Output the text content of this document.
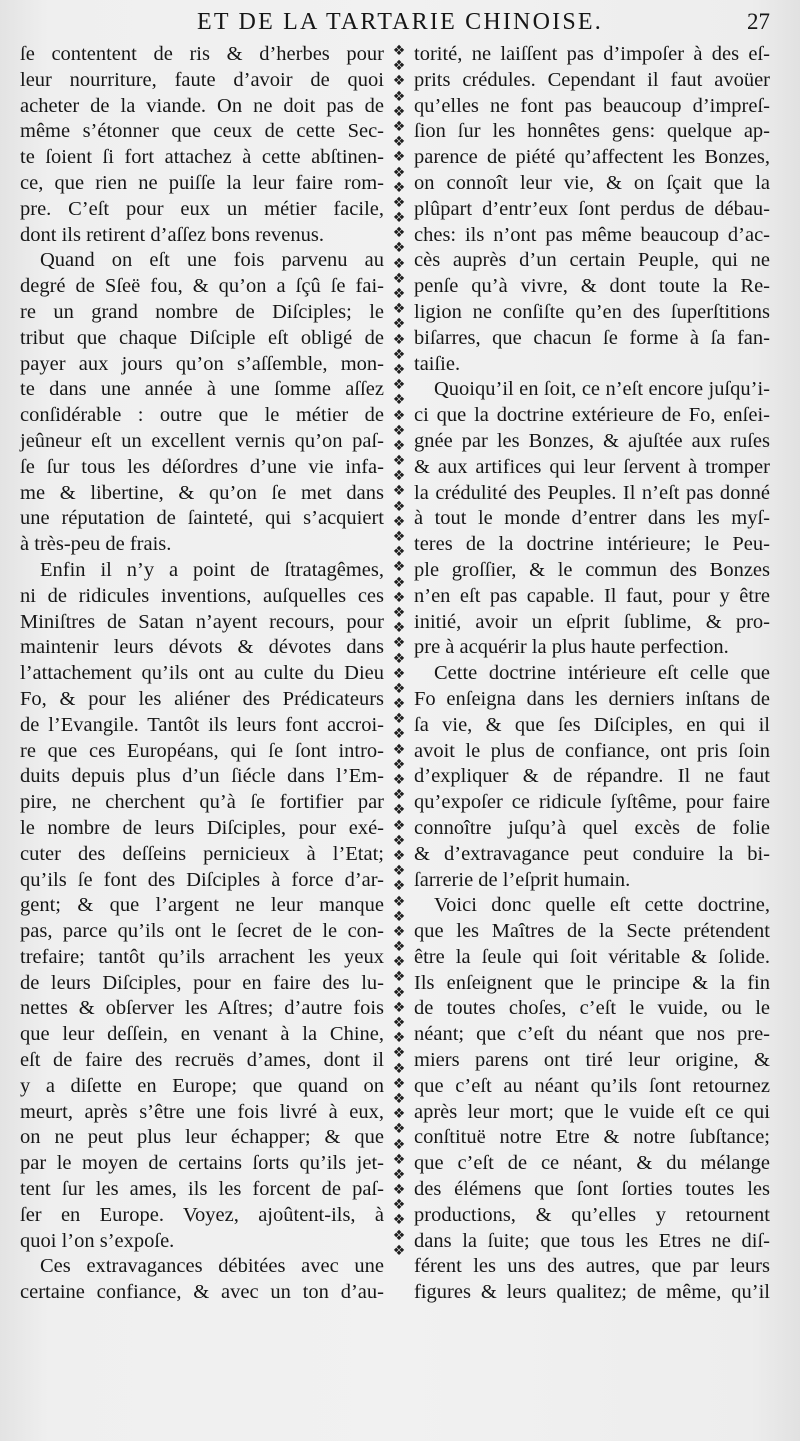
ET DE LA TARTARIE CHINOISE.	27
ſe contentent de ris & d’herbes pour
leur nourriture, faute d’avoir de quoi
acheter de la viande. On ne doit pas de
même s’étonner que ceux de cette Sec-
te ſoient ſi fort attachez à cette abſtinen-
ce, que rien ne puiſſe la leur faire rom-
pre. C’eſt pour eux un métier facile,
dont ils retirent d’aſſez bons revenus.
Quand on eſt une fois parvenu au
degré de Sſeë fou, & qu’on a ſçû ſe fai-
re un grand nombre de Diſciples; le
tribut que chaque Diſciple eſt obligé de
payer aux jours qu’on s’aſſemble, mon-
te dans une année à une ſomme aſſez
conſidérable : outre que le métier de
jeûneur eſt un excellent vernis qu’on paſ-
ſe ſur tous les déſordres d’une vie infa-
me & libertine, & qu’on ſe met dans
une réputation de ſainteté, qui s’acquiert
à très-peu de frais.
Enfin il n’y a point de ſtratagêmes,
ni de ridicules inventions, auſquelles ces
Miniſtres de Satan n’ayent recours, pour
maintenir leurs dévots & dévotes dans
l’attachement qu’ils ont au culte du Dieu
Fo, & pour les aliéner des Prédicateurs
de l’Evangile. Tantôt ils leurs font accroi-
re que ces Européans, qui ſe ſont intro-
duits depuis plus d’un ſiécle dans l’Em-
pire, ne cherchent qu’à ſe fortifier par
le nombre de leurs Diſciples, pour exé-
cuter des deſſeins pernicieux à l’Etat;
qu’ils ſe font des Diſciples à force d’ar-
gent; & que l’argent ne leur manque
pas, parce qu’ils ont le ſecret de le con-
trefaire; tantôt qu’ils arrachent les yeux
de leurs Diſciples, pour en faire des lu-
nettes & obſerver les Aſtres; d’autre fois
que leur deſſein, en venant à la Chine,
eſt de faire des recruës d’ames, dont il
y a diſette en Europe; que quand on
meurt, après s’être une fois livré à eux,
on ne peut plus leur échapper; & que
par le moyen de certains ſorts qu’ils jet-
tent ſur les ames, ils les forcent de paſ-
ſer en Europe. Voyez, ajoûtent-ils, à
quoi l’on s’expoſe.
Ces extravagances débitées avec une
certaine confiance, & avec un ton d’au-
❖
❖
❖
❖
❖
❖
❖
❖
❖
❖
❖
❖
❖
❖
❖
❖
❖
❖
❖
❖
❖
❖
❖
❖
❖
❖
❖
❖
❖
❖
❖
❖
❖
❖
❖
❖
❖
❖
❖
❖
❖
❖
❖
❖
❖
❖
❖
❖
❖
❖
❖
❖
❖
❖
❖
❖
❖
❖
❖
❖
❖
❖
❖
❖
❖
❖
❖
❖
❖
❖
❖
❖
❖
❖
❖
❖
❖
❖
❖
❖
torité, ne laiſſent pas d’impoſer à des eſ-
prits crédules. Cependant il faut avoüer
qu’elles ne font pas beaucoup d’impreſ-
ſion ſur les honnêtes gens: quelque ap-
parence de piété qu’affectent les Bonzes,
on connoît leur vie, & on ſçait que la
plûpart d’entr’eux ſont perdus de débau-
ches: ils n’ont pas même beaucoup d’ac-
cès auprès d’un certain Peuple, qui ne
penſe qu’à vivre, & dont toute la Re-
ligion ne conſiſte qu’en des ſuperſtitions
biſarres, que chacun ſe forme à ſa fan-
taiſie.
Quoiqu’il en ſoit, ce n’eſt encore juſqu’i-
ci que la doctrine extérieure de Fo, enſei-
gnée par les Bonzes, & ajuſtée aux ruſes
& aux artifices qui leur ſervent à tromper
la crédulité des Peuples. Il n’eſt pas donné
à tout le monde d’entrer dans les myſ-
teres de la doctrine intérieure; le Peu-
ple groſſier, & le commun des Bonzes
n’en eſt pas capable. Il faut, pour y être
initié, avoir un eſprit ſublime, & pro-
pre à acquérir la plus haute perfection.
Cette doctrine intérieure eſt celle que
Fo enſeigna dans les derniers inſtans de
ſa vie, & que ſes Diſciples, en qui il
avoit le plus de confiance, ont pris ſoin
d’expliquer & de répandre. Il ne faut
qu’expoſer ce ridicule ſyſtême, pour faire
connoître juſqu’à quel excès de folie
& d’extravagance peut conduire la bi-
ſarrerie de l’eſprit humain.
Voici donc quelle eſt cette doctrine,
que les Maîtres de la Secte prétendent
être la ſeule qui ſoit véritable & ſolide.
Ils enſeignent que le principe & la fin
de toutes choſes, c’eſt le vuide, ou le
néant; que c’eſt du néant que nos pre-
miers parens ont tiré leur origine, &
que c’eſt au néant qu’ils ſont retournez
après leur mort; que le vuide eſt ce qui
conſtituë notre Etre & notre ſubſtance;
que c’eſt de ce néant, & du mélange
des élémens que ſont ſorties toutes les
productions, & qu’elles y retournent
dans la ſuite; que tous les Etres ne diſ-
férent les uns des autres, que par leurs
figures & leurs qualitez; de même, qu’il
